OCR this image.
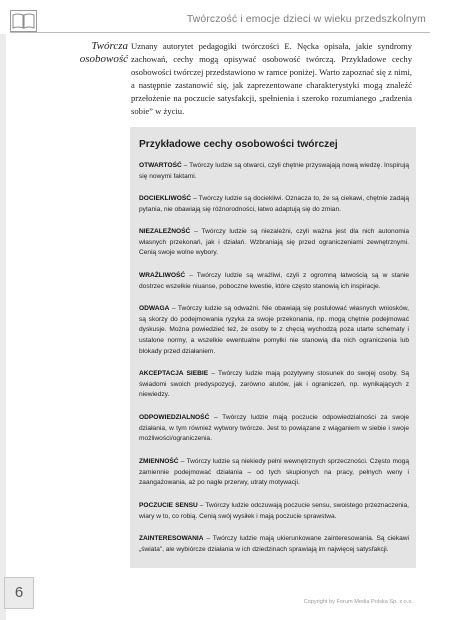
Twórczość i emocje dzieci w wieku przedszkolnym
Twórcza
osobowość
Uznany autorytet pedagogiki twórczości E. Nęcka opisała, jakie syndromy zachowań, cechy mogą opisywać osobowość twórczą. Przykładowe cechy osobowości twórczej przedstawiono w ramce poniżej. Warto zapoznać się z nimi, a następnie zastanowić się, jak zaprezentowane charakterystyki mogą znaleźć przełożenie na poczucie satysfakcji, spełnienia i szeroko rozumianego „radzenia sobie” w życiu.
Przykładowe cechy osobowości twórczej
OTWARTOŚĆ – Twórczy ludzie są otwarci, czyli chętnie przyswajają nową wiedzę. Inspirują się nowymi faktami.
DOCIEKLIWOŚĆ – Twórczy ludzie są dociekliwi. Oznacza to, że są ciekawi, chętnie zadają pytania, nie obawiają się różnorodności, łatwo adaptują się do zmian.
NIEZALEŻNOŚĆ – Twórczy ludzie są niezależni, czyli ważna jest dla nich autonomia własnych przekonań, jak i działań. Wzbraniają się przed ograniczeniami zewnętrznymi. Cenią swoje wolne wybory.
WRAŻLIWOŚĆ – Twórczy ludzie są wrażliwi, czyli z ogromną łatwością są w stanie dostrzec wszelkie niuanse, poboczne kwestie, które często stanowią ich inspiracje.
ODWAGA – Twórczy ludzie są odważni. Nie obawiają się postulować własnych wniosków, są skorzy do podejmowania ryzyka za swoje przekonania, np. mogą chętnie podejmować dyskusje. Można powiedzieć też, że osoby te z chęcią wychodzą poza utarte schematy i ustalone normy, a wszelkie ewentualne pomyłki nie stanowią dla nich ograniczenia lub blokady przed działaniem.
AKCEPTACJA SIEBIE – Twórczy ludzie mają pozytywny stosunek do swojej osoby. Są świadomi swoich predyspozycji, zarówno atutów, jak i ograniczeń, np. wynikających z niewiedzy.
ODPOWIEDZIALNOŚĆ – Twórczy ludzie mają poczucie odpowiedzialności za swoje działania, w tym również wytwory twórcze. Jest to powiązane z wiąganiem w siebie i swoje możliwości/ograniczenia.
ZMIENNOŚĆ – Twórczy ludzie są niekiedy pełni wewnętrznych sprzeczności. Często mogą zamiennie podejmować działania – od tych skupionych na pracy, pełnych weny i zaangażowania, aż po nagłe przerwy, utraty motywacji.
POCZUCIE SENSU – Twórczy ludzie odczuwają poczucie sensu, swoistego przeznaczenia, wiary w to, co robią. Cenią swój wysiłek i mają poczucie sprawstwa.
ZAINTERESOWANIA – Twórczy ludzie mają ukierunkowane zainteresowania. Są ciekawi „świata”, ale wybiórcze działania w ich dziedzinach sprawiają im najwięcej satysfakcji.
6
Copyright by Forum Media Polska Sp. z o.o.
